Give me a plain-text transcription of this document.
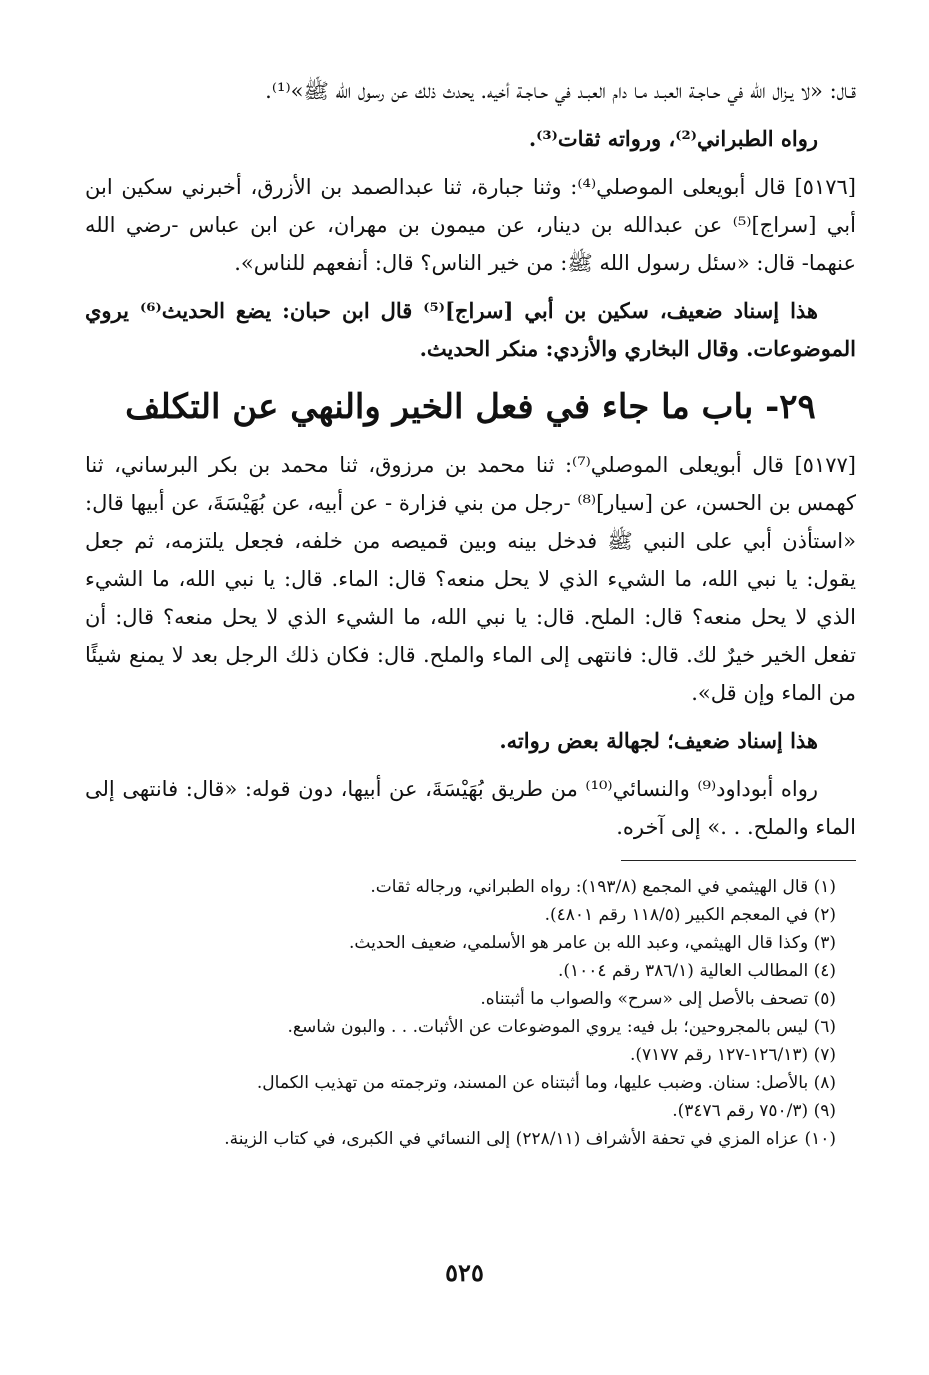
قـال: «لا يـزال الله في حـاجـة العبـد مـا دام العبـد في حـاجـة أخيه. يحدث ذلك عن رسول الله ﷺ»⁽¹⁾.

رواه الطبراني⁽²⁾، ورواته ثقات⁽³⁾.

[٥١٧٦] قال أبويعلى الموصلي⁽⁴⁾: وثنا جبارة، ثنا عبدالصمد بن الأزرق، أخبرني سكين ابن أبي [سراج]⁽⁵⁾ عن عبدالله بن دينار، عن ميمون بن مهران، عن ابن عباس -رضي الله عنهما- قال: «سئل رسول الله ﷺ: من خير الناس؟ قال: أنفعهم للناس».

هذا إسناد ضعيف، سكين بن أبي [سراج]⁽⁵⁾ قال ابن حبان: يضع الحديث⁽⁶⁾ يروي الموضوعات. وقال البخاري والأزدي: منكر الحديث.

٢٩- باب ما جاء في فعل الخير والنهي عن التكلف

[٥١٧٧] قال أبويعلى الموصلي⁽⁷⁾: ثنا محمد بن مرزوق، ثنا محمد بن بكر البرساني، ثنا كهمس بن الحسن، عن [سيار]⁽⁸⁾ -رجل من بني فزارة - عن أبيه، عن بُهَيْسَةَ، عن أبيها قال: «استأذن أبي على النبي ﷺ فدخل بينه وبين قميصه من خلفه، فجعل يلتزمه، ثم جعل يقول: يا نبي الله، ما الشيء الذي لا يحل منعه؟ قال: الماء. قال: يا نبي الله، ما الشيء الذي لا يحل منعه؟ قال: الملح. قال: يا نبي الله، ما الشيء الذي لا يحل منعه؟ قال: أن تفعل الخير خيرٌ لك. قال: فانتهى إلى الماء والملح. قال: فكان ذلك الرجل بعد لا يمنع شيئًا من الماء وإن قل».

هذا إسناد ضعيف؛ لجهالة بعض رواته.

رواه أبوداود⁽⁹⁾ والنسائي⁽¹⁰⁾ من طريق بُهَيْسَةَ، عن أبيها، دون قوله: «قال: فانتهى إلى الماء والملح. . .» إلى آخره.

(١) قال الهيثمي في المجمع (١٩٣/٨): رواه الطبراني، ورجاله ثقات.
(٢) في المعجم الكبير (١١٨/٥ رقم ٤٨٠١).
(٣) وكذا قال الهيثمي، وعبد الله بن عامر هو الأسلمي، ضعيف الحديث.
(٤) المطالب العالية (٣٨٦/١ رقم ١٠٠٤).
(٥) تصحف بالأصل إلى «سرح» والصواب ما أثبتناه.
(٦) ليس بالمجروحين؛ بل فيه: يروي الموضوعات عن الأثبات. . . والبون شاسع.
(٧) (١٢٦/١٣-١٢٧ رقم ٧١٧٧).
(٨) بالأصل: سنان. وضبب عليها، وما أثبتناه عن المسند، وترجمته من تهذيب الكمال.
(٩) (٧٥٠/٣ رقم ٣٤٧٦).
(١٠) عزاه المزي في تحفة الأشراف (٢٢٨/١١) إلى النسائي في الكبرى، في كتاب الزينة.
٥٢٥
